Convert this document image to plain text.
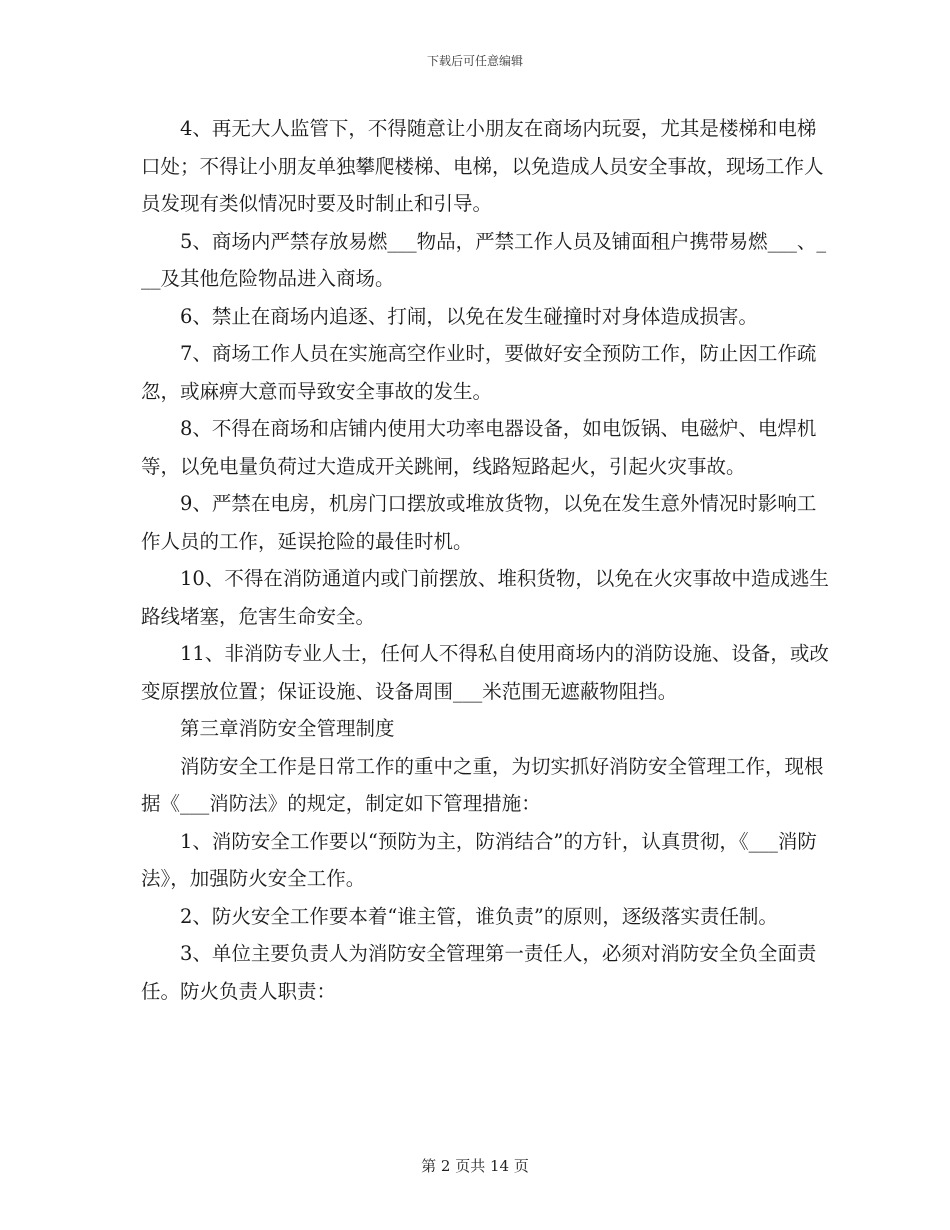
下载后可任意编辑

4、再无大人监管下，不得随意让小朋友在商场内玩耍，尤其是楼梯和电梯口处；不得让小朋友单独攀爬楼梯、电梯，以免造成人员安全事故，现场工作人员发现有类似情况时要及时制止和引导。

5、商场内严禁存放易燃___物品，严禁工作人员及铺面租户携带易燃___、___及其他危险物品进入商场。

6、禁止在商场内追逐、打闹，以免在发生碰撞时对身体造成损害。

7、商场工作人员在实施高空作业时，要做好安全预防工作，防止因工作疏忽，或麻痹大意而导致安全事故的发生。

8、不得在商场和店铺内使用大功率电器设备，如电饭锅、电磁炉、电焊机等，以免电量负荷过大造成开关跳闸，线路短路起火，引起火灾事故。

9、严禁在电房，机房门口摆放或堆放货物，以免在发生意外情况时影响工作人员的工作，延误抢险的最佳时机。

10、不得在消防通道内或门前摆放、堆积货物，以免在火灾事故中造成逃生路线堵塞，危害生命安全。

11、非消防专业人士，任何人不得私自使用商场内的消防设施、设备，或改变原摆放位置；保证设施、设备周围___米范围无遮蔽物阻挡。

第三章消防安全管理制度

消防安全工作是日常工作的重中之重，为切实抓好消防安全管理工作，现根据《___消防法》的规定，制定如下管理措施：

1、消防安全工作要以“预防为主，防消结合”的方针，认真贯彻，《___消防法》，加强防火安全工作。

2、防火安全工作要本着“谁主管，谁负责”的原则，逐级落实责任制。

3、单位主要负责人为消防安全管理第一责任人，必须对消防安全负全面责任。防火负责人职责：

第 2 页共 14 页
